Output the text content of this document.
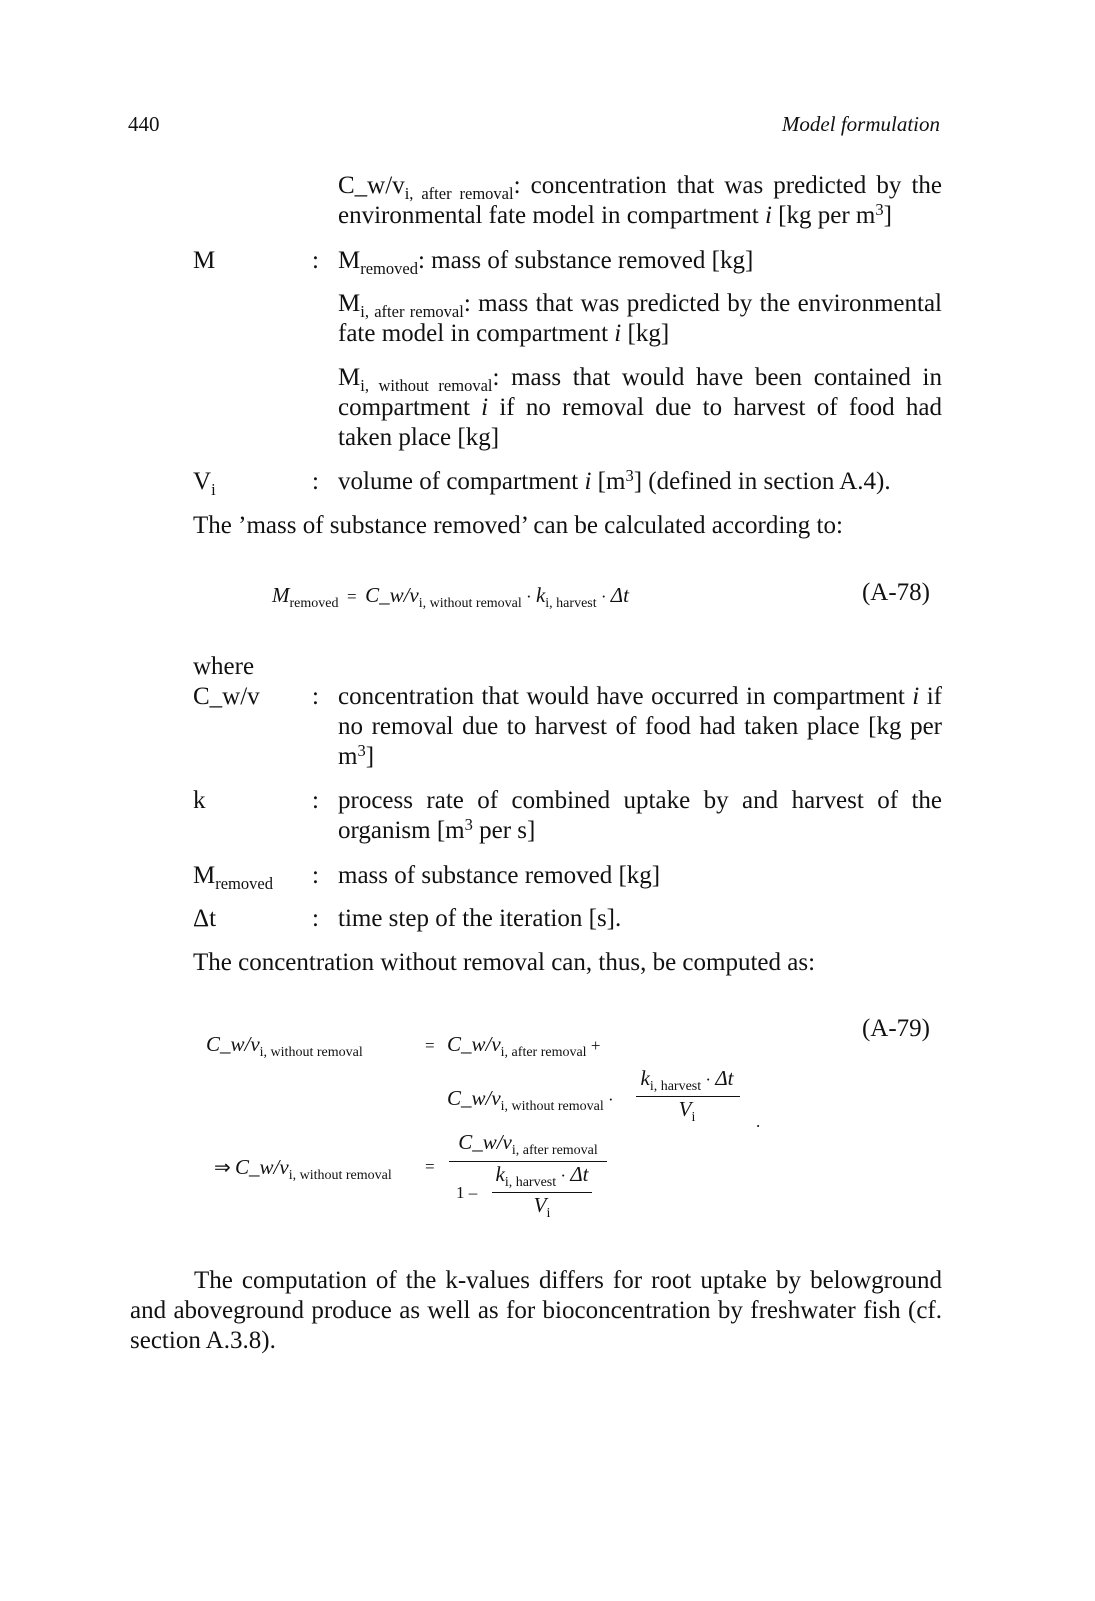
440	Model formulation
$C\_w/v_{i, after removal}$: concentration that was predicted by the environmental fate model in compartment i [kg per $m^3$]
M	: $M_{removed}$: mass of substance removed [kg]
$M_{i, after removal}$: mass that was predicted by the environmental fate model in compartment i [kg]
$M_{i, without removal}$: mass that would have been contained in compartment i if no removal due to harvest of food had taken place [kg]
$V_i$	: volume of compartment i $[m^3]$ (defined in section A.4).
The ’mass of substance removed’ can be calculated according to:
$M_{removed}$ = $C\_w/v_{i, without removal} \cdot k_{i, harvest} \cdot \Delta t$	(A-78)
where
C_w/v : concentration that would have occurred in compartment i if no removal due to harvest of food had taken place [kg per $m^3$]
k	: process rate of combined uptake by and harvest of the organism [$m^3$ per s]
$M_{removed}$ : mass of substance removed [kg]
Δt	: time step of the iteration [s].
The concentration without removal can, thus, be computed as:
(A-79)
$C\_w/v_{i, without removal}$	= $C\_w/v_{i, after removal}$ +
$C\_w/v_{i, without removal}$ ·
$k_{i, harvest} \cdot \Delta t$
$V_i$	.
⇒ $C\_w/v_{i, without removal}$ =
$C\_w/v_{i, after removal}$
1 –
$k_{i, harvest} \cdot \Delta t$
$V_i$
The computation of the k-values differs for root uptake by belowground and aboveground produce as well as for bioconcentration by freshwater fish (cf. section A.3.8).
